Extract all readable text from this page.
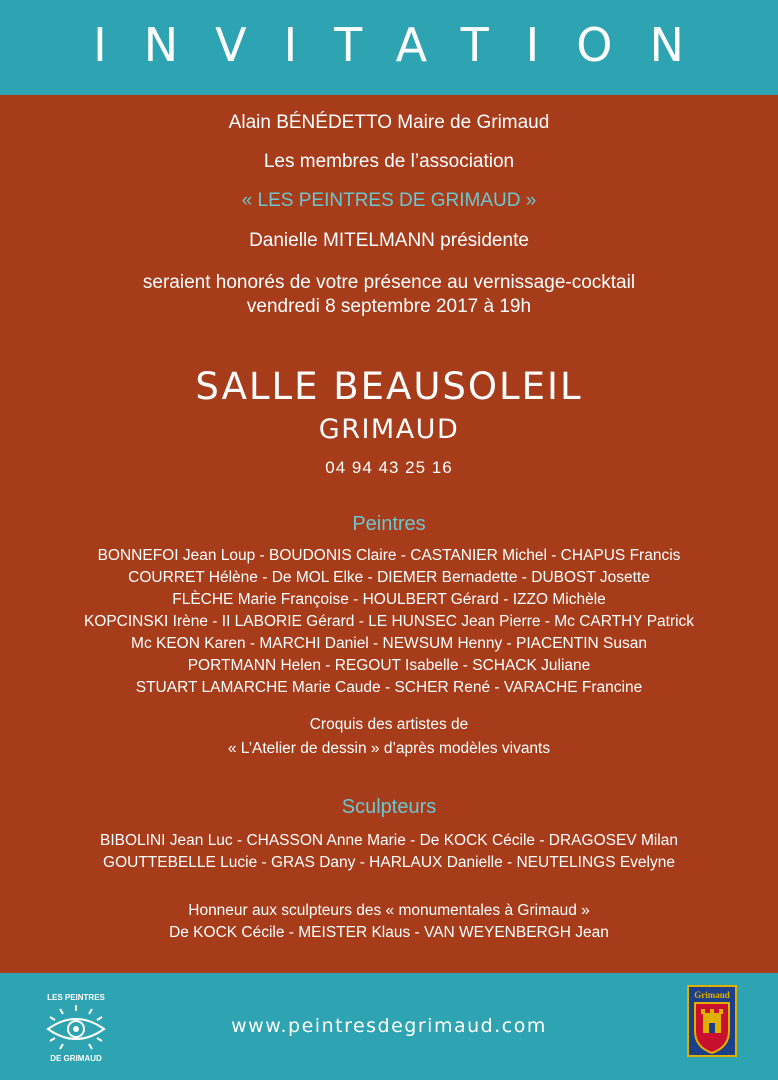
INVITATION
Alain BÉNÉDETTO Maire de Grimaud
Les membres de l’association
« LES PEINTRES DE GRIMAUD »
Danielle MITELMANN présidente
seraient honorés de votre présence au vernissage-cocktail
vendredi 8 septembre 2017 à 19h
SALLE BEAUSOLEIL
GRIMAUD
04 94 43 25 16
Peintres
BONNEFOI Jean Loup - BOUDONIS Claire - CASTANIER Michel - CHAPUS Francis
COURRET Hélène - De MOL Elke - DIEMER Bernadette - DUBOST Josette
FLÈCHE Marie Françoise - HOULBERT Gérard - IZZO Michèle
KOPCINSKI Irène - II LABORIE Gérard - LE HUNSEC Jean Pierre - Mc CARTHY Patrick
Mc KEON Karen - MARCHI Daniel - NEWSUM Henny - PIACENTIN Susan
PORTMANN Helen - REGOUT Isabelle - SCHACK Juliane
STUART LAMARCHE Marie Caude - SCHER René - VARACHE Francine
Croquis des artistes de
« L’Atelier de dessin » d’après modèles vivants
Sculpteurs
BIBOLINI Jean Luc - CHASSON Anne Marie - De KOCK Cécile - DRAGOSEV Milan
GOUTTEBELLE Lucie - GRAS Dany - HARLAUX Danielle - NEUTELINGS Evelyne
Honneur aux sculpteurs des « monumentales à Grimaud »
De KOCK Cécile - MEISTER Klaus - VAN WEYENBERGH Jean
LES PEINTRES
DE GRIMAUD
www.peintresdegrimaud.com
Grimaud
